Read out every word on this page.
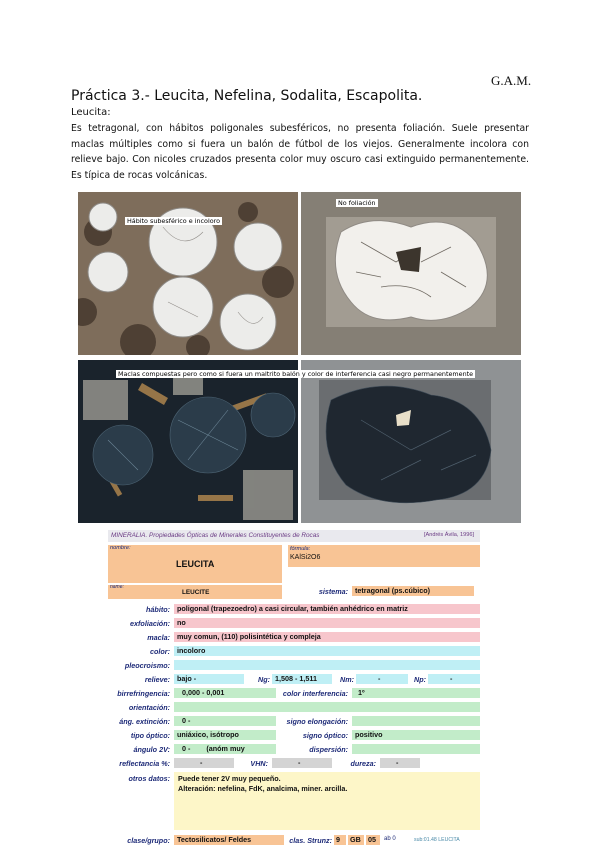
G.A.M.
Práctica 3.- Leucita, Nefelina, Sodalita, Escapolita.
Leucita:
Es tetragonal, con hábitos poligonales subesféricos, no presenta foliación. Suele presentar maclas múltiples como si fuera un balón de fútbol de los viejos. Generalmente incolora con relieve bajo. Con nicoles cruzados presenta color muy oscuro casi extinguido permanentemente. Es típica de rocas volcánicas.
Hábito subesférico e incoloro
No foliación
Maclas compuestas pero como si fuera un maltrito balón y color de interferencia casi negro permanentemente
MINERALIA. Propiedades Ópticas de Minerales Constituyentes de Rocas	[Andrés Ávila, 1996]
nombre:
LEUCITA
fórmula:
KAlSi2O6
name:
LEUCITE	sistema: tetragonal (ps.cúbico)
hábito: poligonal (trapezoedro) a casi circular, también anhédrico en matriz
exfoliación: no
macla: muy comun, (110) polisintética y compleja
color: incoloro
pleocroismo:
relieve: bajo -	Ng: 1,508 - 1,511	Nm:	-	Np:	-
birrefringencia:	0,000 - 0,001	color interferencia:	1º
orientación:
áng. extinción:	0 -	signo elongación:
tipo óptico: uniáxico, isótropo	signo óptico: positivo
ángulo 2V:	0 - (anóm muy	dispersión:
reflectancia %:	-	VHN:	-	dureza:	-
otros datos: Puede tener 2V muy pequeño.
Alteración: nefelina, FdK, analcima, miner. arcilla.
clase/grupo: Tectosilicatos/ Feldes	clas. Strunz: 9	GB	05	ab 0	sub:01.48 LEUCITA
